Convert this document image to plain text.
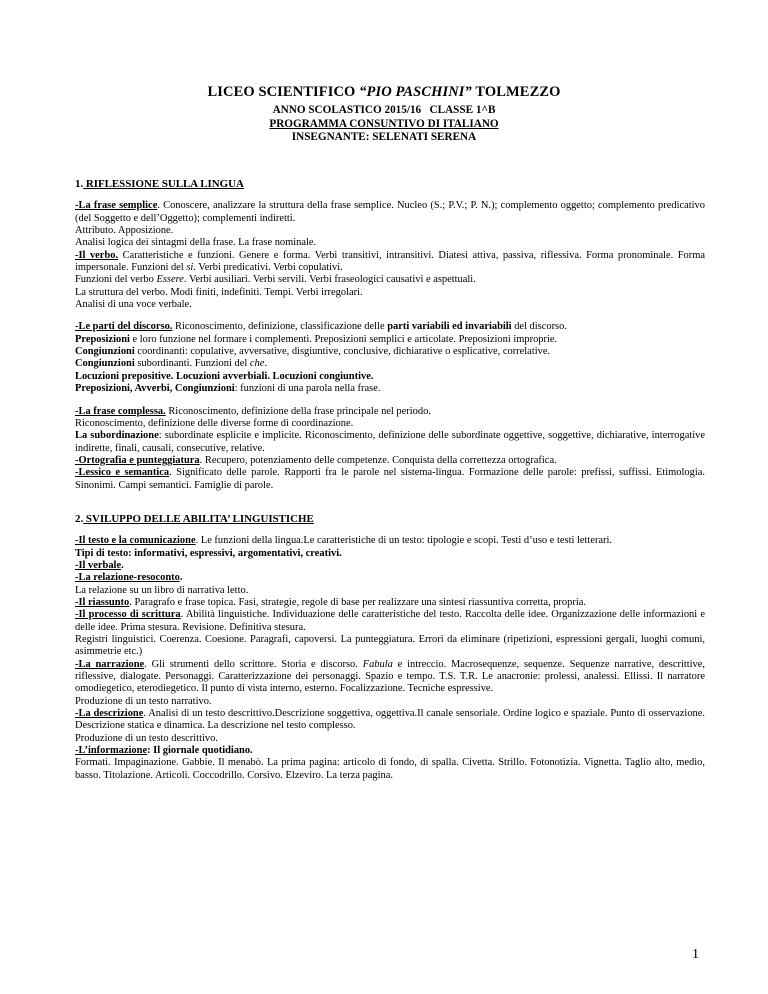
LICEO SCIENTIFICO “PIO PASCHINI” TOLMEZZO
ANNO SCOLASTICO 2015/16   CLASSE 1^B
PROGRAMMA CONSUNTIVO DI ITALIANO
INSEGNANTE: SELENATI SERENA
1. RIFLESSIONE SULLA LINGUA

-La frase semplice. Conoscere, analizzare la struttura della frase semplice. Nucleo (S.; P.V.; P. N.); complemento oggetto; complemento predicativo (del Soggetto e dell’Oggetto); complementi indiretti.

Attributo. Apposizione.

Analisi logica dei sintagmi della frase. La frase nominale.

-Il verbo. Caratteristiche e funzioni. Genere e forma. Verbi transitivi, intransitivi. Diatesi attiva, passiva, riflessiva. Forma pronominale. Forma impersonale. Funzioni del si. Verbi predicativi. Verbi copulativi.

Funzioni del verbo Essere. Verbi ausiliari. Verbi servili. Verbi fraseologici causativi e aspettuali.

La struttura del verbo. Modi finiti, indefiniti. Tempi. Verbi irregolari.

Analisi di una voce verbale.

-Le parti del discorso. Riconoscimento, definizione, classificazione delle parti variabili ed invariabili del discorso.

Preposizioni e loro funzione nel formare i complementi. Preposizioni semplici e articolate. Preposizioni improprie.

Congiunzioni coordinanti: copulative, avversative, disgiuntive, conclusive, dichiarative o esplicative, correlative.

Congiunzioni subordinanti. Funzioni del che.

Locuzioni prepositive. Locuzioni avverbiali. Locuzioni congiuntive.

Preposizioni, Avverbi, Congiunzioni: funzioni di una parola nella frase.

-La frase complessa. Riconoscimento, definizione della frase principale nel periodo.

Riconoscimento, definizione delle diverse forme di coordinazione.

La subordinazione: subordinate esplicite e implicite. Riconoscimento, definizione delle subordinate oggettive, soggettive, dichiarative, interrogative indirette, finali, causali, consecutive, relative.

-Ortografia e punteggiatura. Recupero, potenziamento delle competenze. Conquista della correttezza ortografica.

-Lessico e semantica. Significato delle parole. Rapporti fra le parole nel sistema-lingua. Formazione delle parole: prefissi, suffissi. Etimologia. Sinonimi. Campi semantici. Famiglie di parole.

2. SVILUPPO DELLE ABILITA’ LINGUISTICHE

-Il testo e la comunicazione. Le funzioni della lingua.Le caratteristiche di un testo: tipologie e scopi. Testi d’uso e testi letterari.

Tipi di testo: informativi, espressivi, argomentativi, creativi.

-Il verbale.

-La relazione-resoconto.

La relazione su un libro di narrativa letto.

-Il riassunto. Paragrafo e frase topica. Fasi, strategie, regole di base per realizzare una sintesi riassuntiva corretta, propria.

-Il processo di scrittura. Abilità linguistiche. Individuazione delle caratteristiche del testo. Raccolta delle idee. Organizzazione delle informazioni e delle idee. Prima stesura. Revisione. Definitiva stesura.

Registri linguistici. Coerenza. Coesione. Paragrafi, capoversi. La punteggiatura. Errori da eliminare (ripetizioni, espressioni gergali, luoghi comuni, asimmetrie etc.)

-La narrazione. Gli strumenti dello scrittore. Storia e discorso. Fabula e intreccio. Macrosequenze, sequenze. Sequenze narrative, descrittive, riflessive, dialogate. Personaggi. Caratterizzazione dei personaggi. Spazio e tempo. T.S. T.R. Le anacronie: prolessi, analessi. Ellissi. Il narratore omodiegetico, eterodiegetico. Il punto di vista interno, esterno. Focalizzazione. Tecniche espressive.

Produzione di un testo narrativo.

-La descrizione. Analisi di un testo descrittivo.Descrizione soggettiva, oggettiva.Il canale sensoriale. Ordine logico e spaziale. Punto di osservazione. Descrizione statica e dinamica. La descrizione nel testo complesso.

Produzione di un testo descrittivo.

-L’informazione: Il giornale quotidiano.

Formati. Impaginazione. Gabbie. Il menabò. La prima pagina: articolo di fondo, di spalla. Civetta. Strillo. Fotonotizia. Vignetta. Taglio alto, medio, basso. Titolazione. Articoli. Coccodrillo. Corsivo. Elzeviro. La terza pagina.

1
